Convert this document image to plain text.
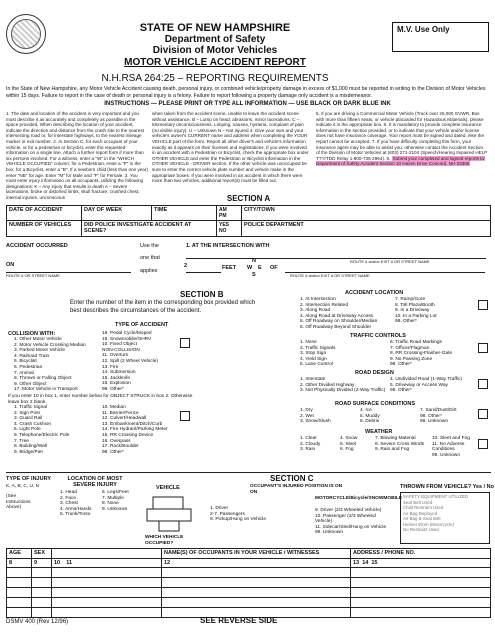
STATE OF NEW HAMPSHIRE
Department of Safety
Division of Motor Vehicles
MOTOR VEHICLE ACCIDENT REPORT
N.H.RSA 264:25 – REPORTING REQUIREMENTS
M.V. Use Only
In the State of New Hampshire, any Motor Vehicle Accident causing death, personal injury, or combined vehicle/property damage in excess of $1,000 must be reported in writing to the Division of Motor Vehicles within 15 days. Failure to report in the case of death or personal injury is a felony. Failure to report following a property damage only accident is a misdemeanor.
INSTRUCTIONS — PLEASE PRINT OR TYPE ALL INFORMATION — USE BLACK OR DARK BLUE INK
1. The date and location of the accident is very important and you must describe it as accurately and completely as possible in the space provided. When describing the location of your accident, indicate the direction and distance from the crash site to the nearest intersecting road or, for interstate highways, to the nearest mileage marker or exit number. 2. In Section C, for each occupant of your vehicle, or for a pedestrian or bicyclist, enter the requested information on a single line. Attach a further report form if more than six persons involved. For a witness, enter a "W" in the "WHICH VEHICLE OCCUPIED" column; for a Pedestrian, enter a "P" in the box; for a Bicyclist, enter a "B". If a newborn child (less than one year) enter "NB" for age. Enter "M" for Male and "F" for Female. 3. You must enter injury information on all occupants, utilizing the following designations: K – Any injury that results in death A – Severe lacerations, broke or distorted limbs, skull fracture, crushed chest, internal injuries, unconscious
when taken from the accident scene, unable to leave the accident scene without assistance. B – Lump on head, abrasions, minor lacerations. C – Momentary unconsciousness, Limping, nausea, hysteria, complaint of pain (no visible injury). U – Unknown N – Not injured 4. Give your own and your vehicle's owner's CURRENT name and address when completing the YOUR VEHICLE part of the form. Report all other driver's and vehicle's information exactly as it appears on their licenses and registrations. If you were involved in an accident with a Pedestrian or Bicyclist, check the appropriate box under OTHER VEHICLE and enter the Pedestrian or Bicyclist information in the OTHER VEHICLE - DRIVER section. If the other vehicle was unoccupied be sure to enter the correct vehicle plate number and vehicle make in the appropriate boxes. If you were involved in an accident in which there were more than two vehicles, additional report(s) must be filled out.
5. If you are driving a Commercial Motor Vehicle (Truck over 26,000 GVWR, Bus with more than fifteen seats, or vehicle placarded for Hazardous Materials), please indicate it in the appropriate box. 6. It is mandatory to provide complete insurance information in the section provided, or to indicate that your vehicle and/or license does not have insurance coverage. Your report must be signed and dated, else the report cannot be accepted. 7. If you have difficulty completing this form, your insurance agent may be able to assist you; otherwise contact the Accident Section of the Division of Motor Vehicles at (603) 271-2104 (Speech/Hearing Impaired HELP TTY/TDD Relay 1-800-735-2964). 8. Submit your completed and signed reports to: Department of Safety Accident Section 10 Hazen Drive Concord, NH 03305
SECTION A
DATE OF ACCIDENT	DAY OF WEEK	TIME	AM
PM	CITY/TOWN
NUMBER OF VEHICLES	DID POLICE INVESTIGATE ACCIDENT AT SCENE?		YES
NO	POLICE DEPARTMENT
ACCIDENT OCCURRED	Use the
one that
applies
1. AT THE INTERSECTION WITH
ROUTE # and/or EXIT # OR STREET NAME
ON
ROUTE # OR STREET NAME
2	FEET
N
W E
S
OF
ROUTE # and/or EXIT # OR STREET NAME
SECTION B
Enter the number of the item in the corresponding box provided which best describes the circumstances of the accident.
TYPE OF ACCIDENT
COLLISION WITH:
1. Other Motor Vehicle
2. Motor Vehicle Crossing Median
3. Parked Motor Vehicle
4. Railroad Train
5. Bicyclist
6. Pedestrian
7. Animal
8. Thrown or Falling Object
9. Other Object
17. Motor Vehicle in Transport
18. Pedal Cycle/Moped
19. Snowmobile/OHRV
10. Fixed Object
NON-COLLISION
11. Overturn
12. Spill (2 Wheel Vehicle)
13. Fire
14. Submersion
15. Jackknife
16. Explosion
98. Other*
If you enter 10 in box 1, enter number below for OBJECT STRUCK in box 2. Otherwise leave box 2 blank.
1. Traffic Signal
2. Sign Post
3. Guard Rail
4. Crash Cushion
5. Light Pole
6. Telephone/Electric Pole
7. Tree
8. Building/Wall
9. Bridge/Pier
10. Median
11. Barrier/Fence
12. Culvert/Headwall
13. Embankment/Ditch/Curb
14. Fire Hydrant/Parking Meter
15. RR Crossing Device
16. Overpass
17. Rock/Boulder
98. Other*
ACCIDENT LOCATION
1. At Intersection
2. Intersection Related
3. Along Road
4. Along Road at Driveway Access
5. Off Roadway on Shoulder/Median
6. Off Roadway Beyond Shoulder
7. Ramp/Gore
8. Toll Plaza/Booth
9. In a Driveway
10. In a Parking Lot
98. Other*
TRAFFIC CONTROLS
1. None
2. Traffic Signals
3. Stop Sign
4. Yield Sign
5. Lane Control
6. Traffic Road Markings
7. Officer/Flagman
8. RR Crossing-Flasher-Gate
9. No Passing Zone
98. Other*
ROAD DESIGN
1. Interstate
2. Other Divided Highway
3. Not Physically Divided (2-Way Traffic)
4. Undivided Road (1-Way Traffic)
5. Driveway or Access Way
98. Other*
ROAD SURFACE CONDITIONS
1. Dry
2. Wet
3. Snow/Slush
4. Ice
5. Muddy
6. Debris
7. Sand/Dust/Dirt
98. Other*
99. Unknown
WEATHER
1. Clear
2. Cloudy
3. Rain
4. Snow
5. Sleet
6. Fog
7. Blowing Material
8. Severe Cross Winds
9. Rain and Fog
10. Sleet and Fog
11. No Adverse Conditions
99. Unknown
SECTION C
TYPE OF INJURY
K, A, B, C, U, N
(See Instructions Above)
LOCATION OF MOST SEVERE INJURY
1. Head
2. Face
3. Chest
4. Arms/Hands
5. Trunk/Torso
6. Legs/Feet
7. Multiple
8. None
9. Unknown
VEHICLE
WHICH VEHICLE OCCUPIED?
OCCUPANT'S INJURED POSITION IS ON ON
1. Driver
2-7. Passengers
8. Pickup/Hung on Vehicle
MOTORCYCLE/Bicycle/SNOWMOBILE
9. Driver (2/3 Wheeled Vehicle)
10. Passenger (2/3 Wheeled Vehicle)
11. Sidecar/Sled/Hung on Vehicle
99. Unknown
THROWN FROM VEHICLE? Yes / No
SAFETY EQUIPMENT UTILIZED
Seat Belt Used
Child Restraint Used
Air Bag Deployed
Air Bag & Seat Belt
Helmet Worn (Motorcycle)
No Restraint Used
AGE	SEX		NAME(S) OF OCCUPANTS IN YOUR VEHICLE / WITNESSES	ADDRESS / PHONE NO.
8	9	10 11	12	13 14 15

DSMV 400 (Rev 12/96)	SEE REVERSE SIDE
